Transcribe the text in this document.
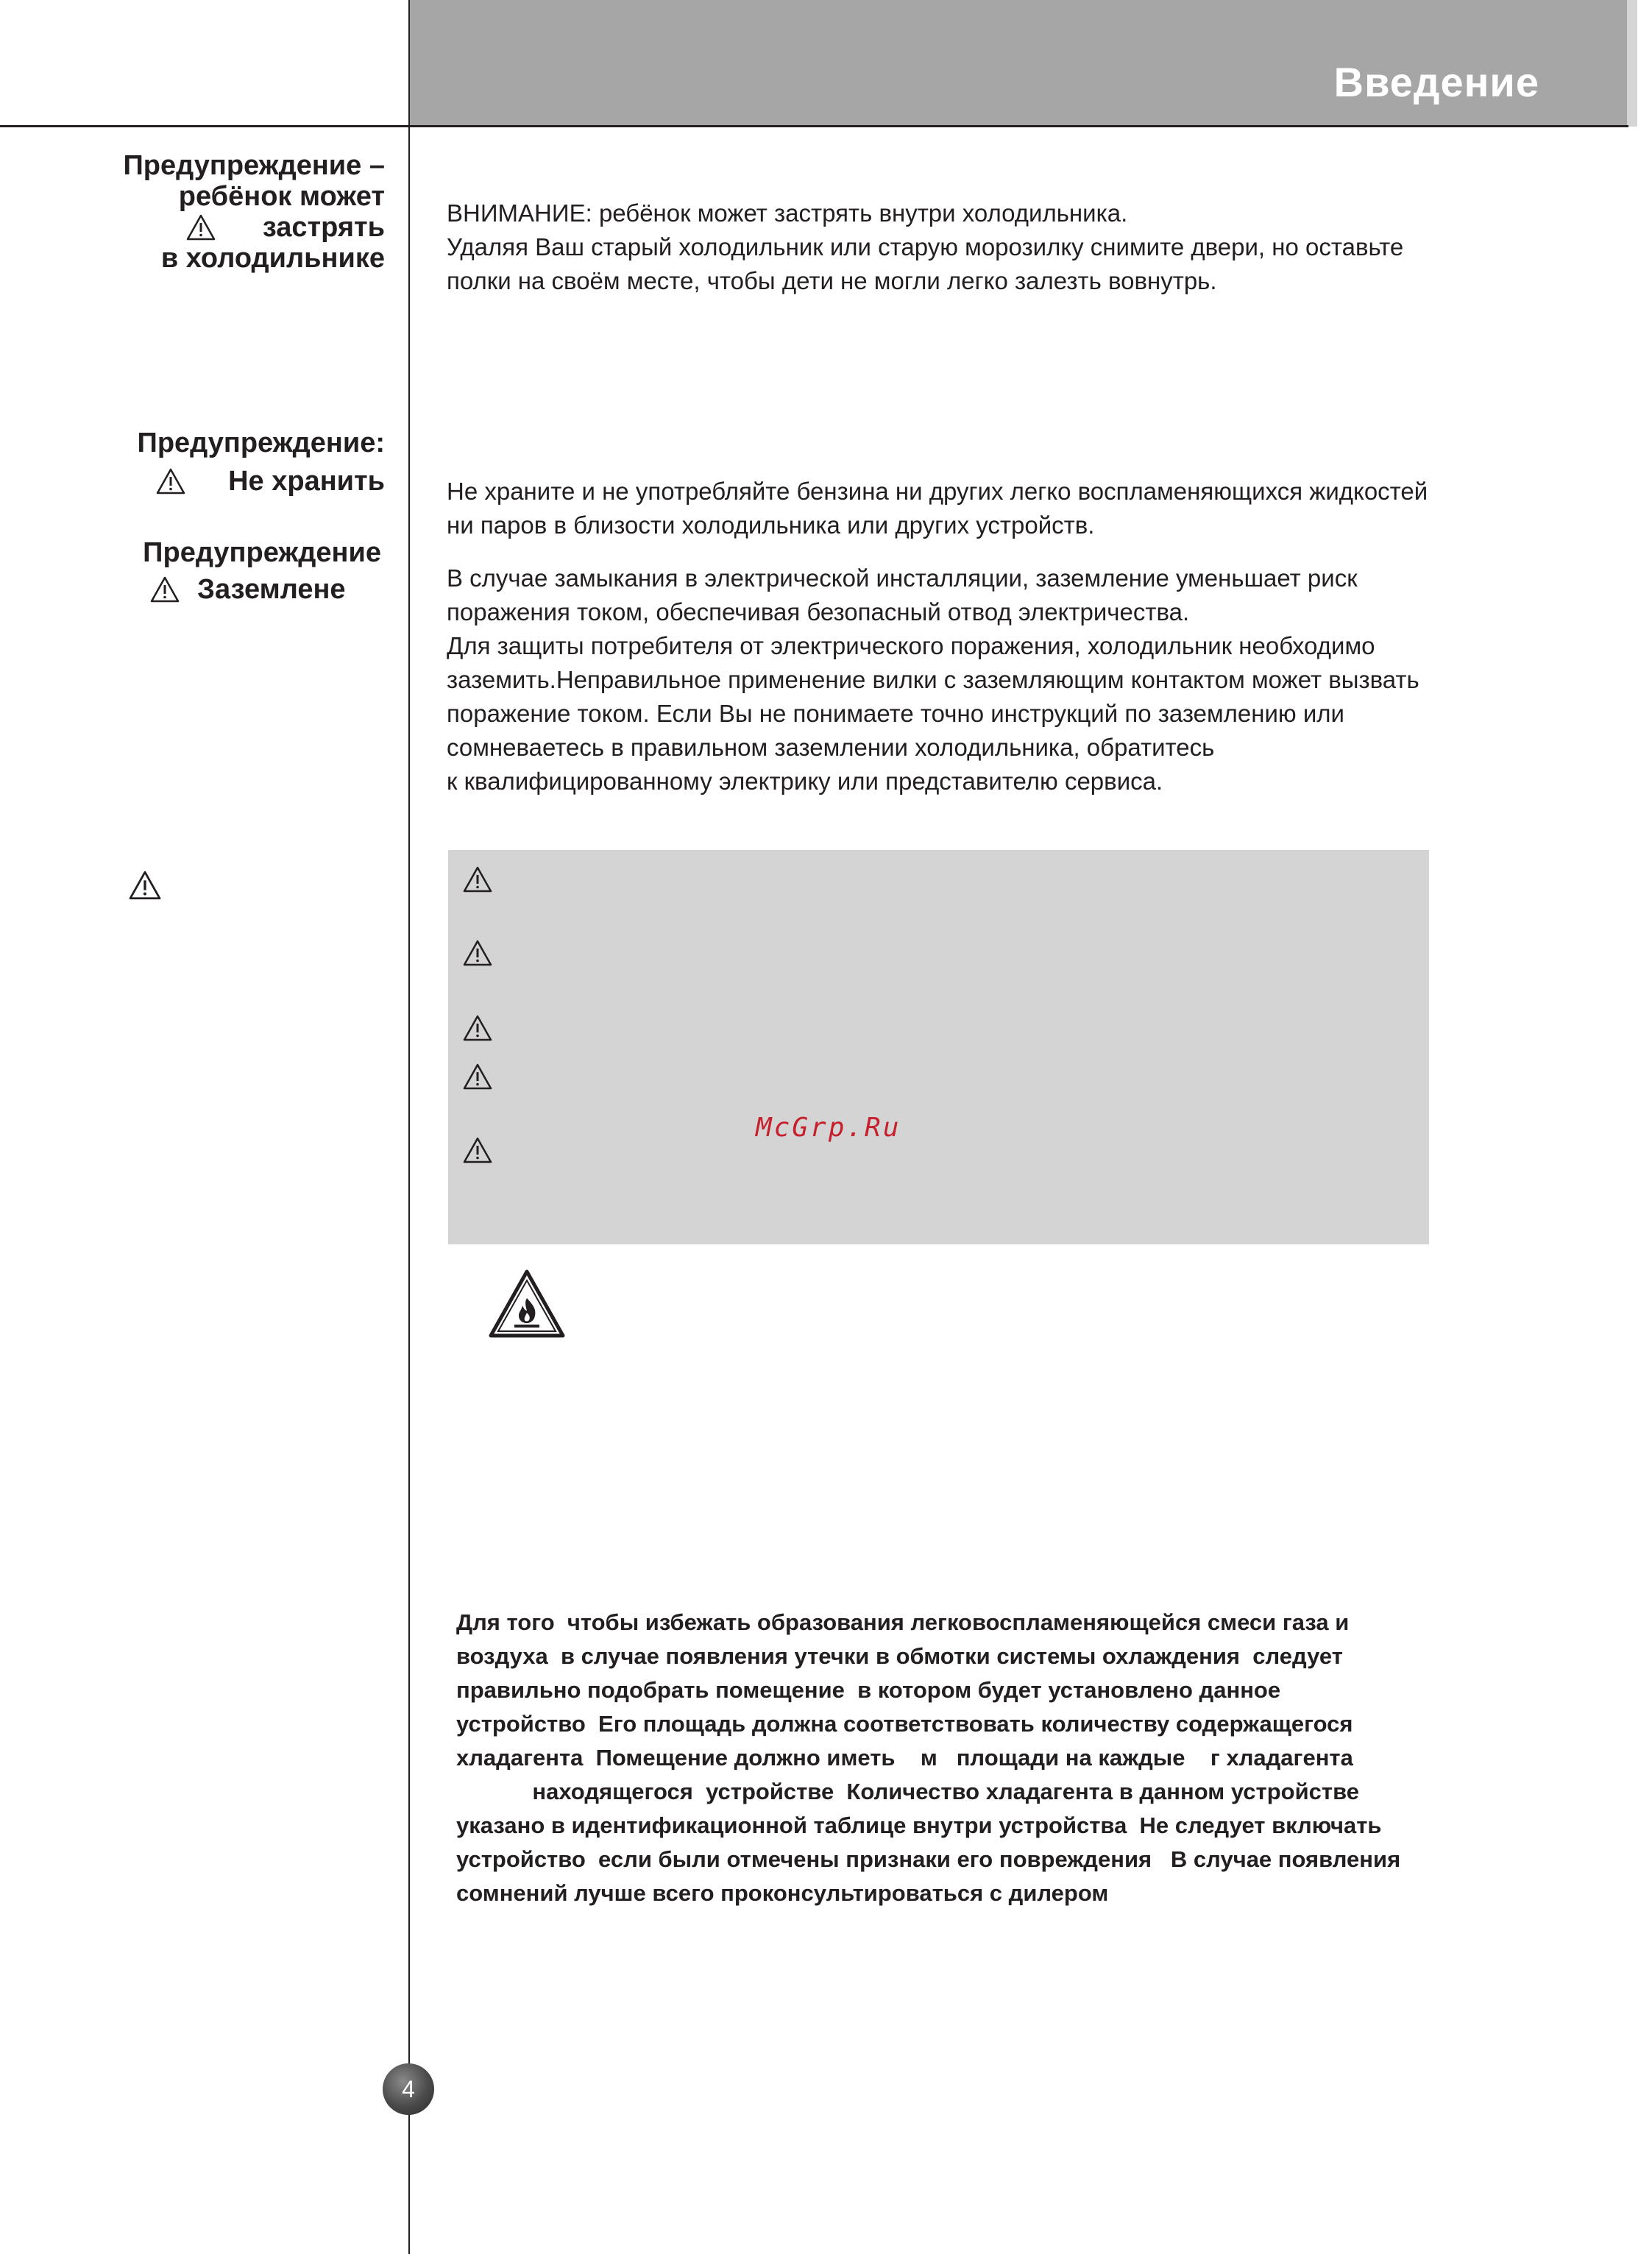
Введение
Предупреждение –
ребёнок может
застрять
в холодильнике

ВНИМАНИЕ: ребёнок может застрять внутри холодильника.

Удаляя Ваш старый холодильник или старую морозилку снимите двери, но оставьте

полки на своём месте, чтобы дети не могли легко залезть вовнутрь.

Предупреждение:
Не хранить	Не храните и не употребляйте бензина ни других легко воспламеняющихся жидкостей

ни паров в близости холодильника или других устройств.

Предупреждение
Заземлене	В случае замыкания в электрической инсталляции, заземление уменьшает риск

поражения током, обеспечивая безопасный отвод электричества.

Для защиты потребителя от электрического поражения, холодильник необходимо

заземить.Неправильное применение вилки с заземляющим контактом может вызвать

поражение током. Если Вы не понимаете точно инструкций по заземлению или

сомневаетесь в правильном заземлении холодильника, обратитесь

к квалифицированному электрику или представителю сервиса.

McGrp.Ru

Для того  чтобы избежать образования легковоспламеняющейся смеси газа и

воздуха  в случае появления утечки в обмотки системы охлаждения  следует

правильно подобрать помещение  в котором будет установлено данное

устройство  Его площадь должна соответствовать количеству содержащегося

хладагента  Помещение должно иметь    м   площади на каждые    г хладагента

находящегося  устройстве  Количество хладагента в данном устройстве

указано в идентификационной таблице внутри устройства  Не следует включать

устройство  если были отмечены признаки его повреждения   В случае появления

сомнений лучше всего проконсультироваться с дилером

4
